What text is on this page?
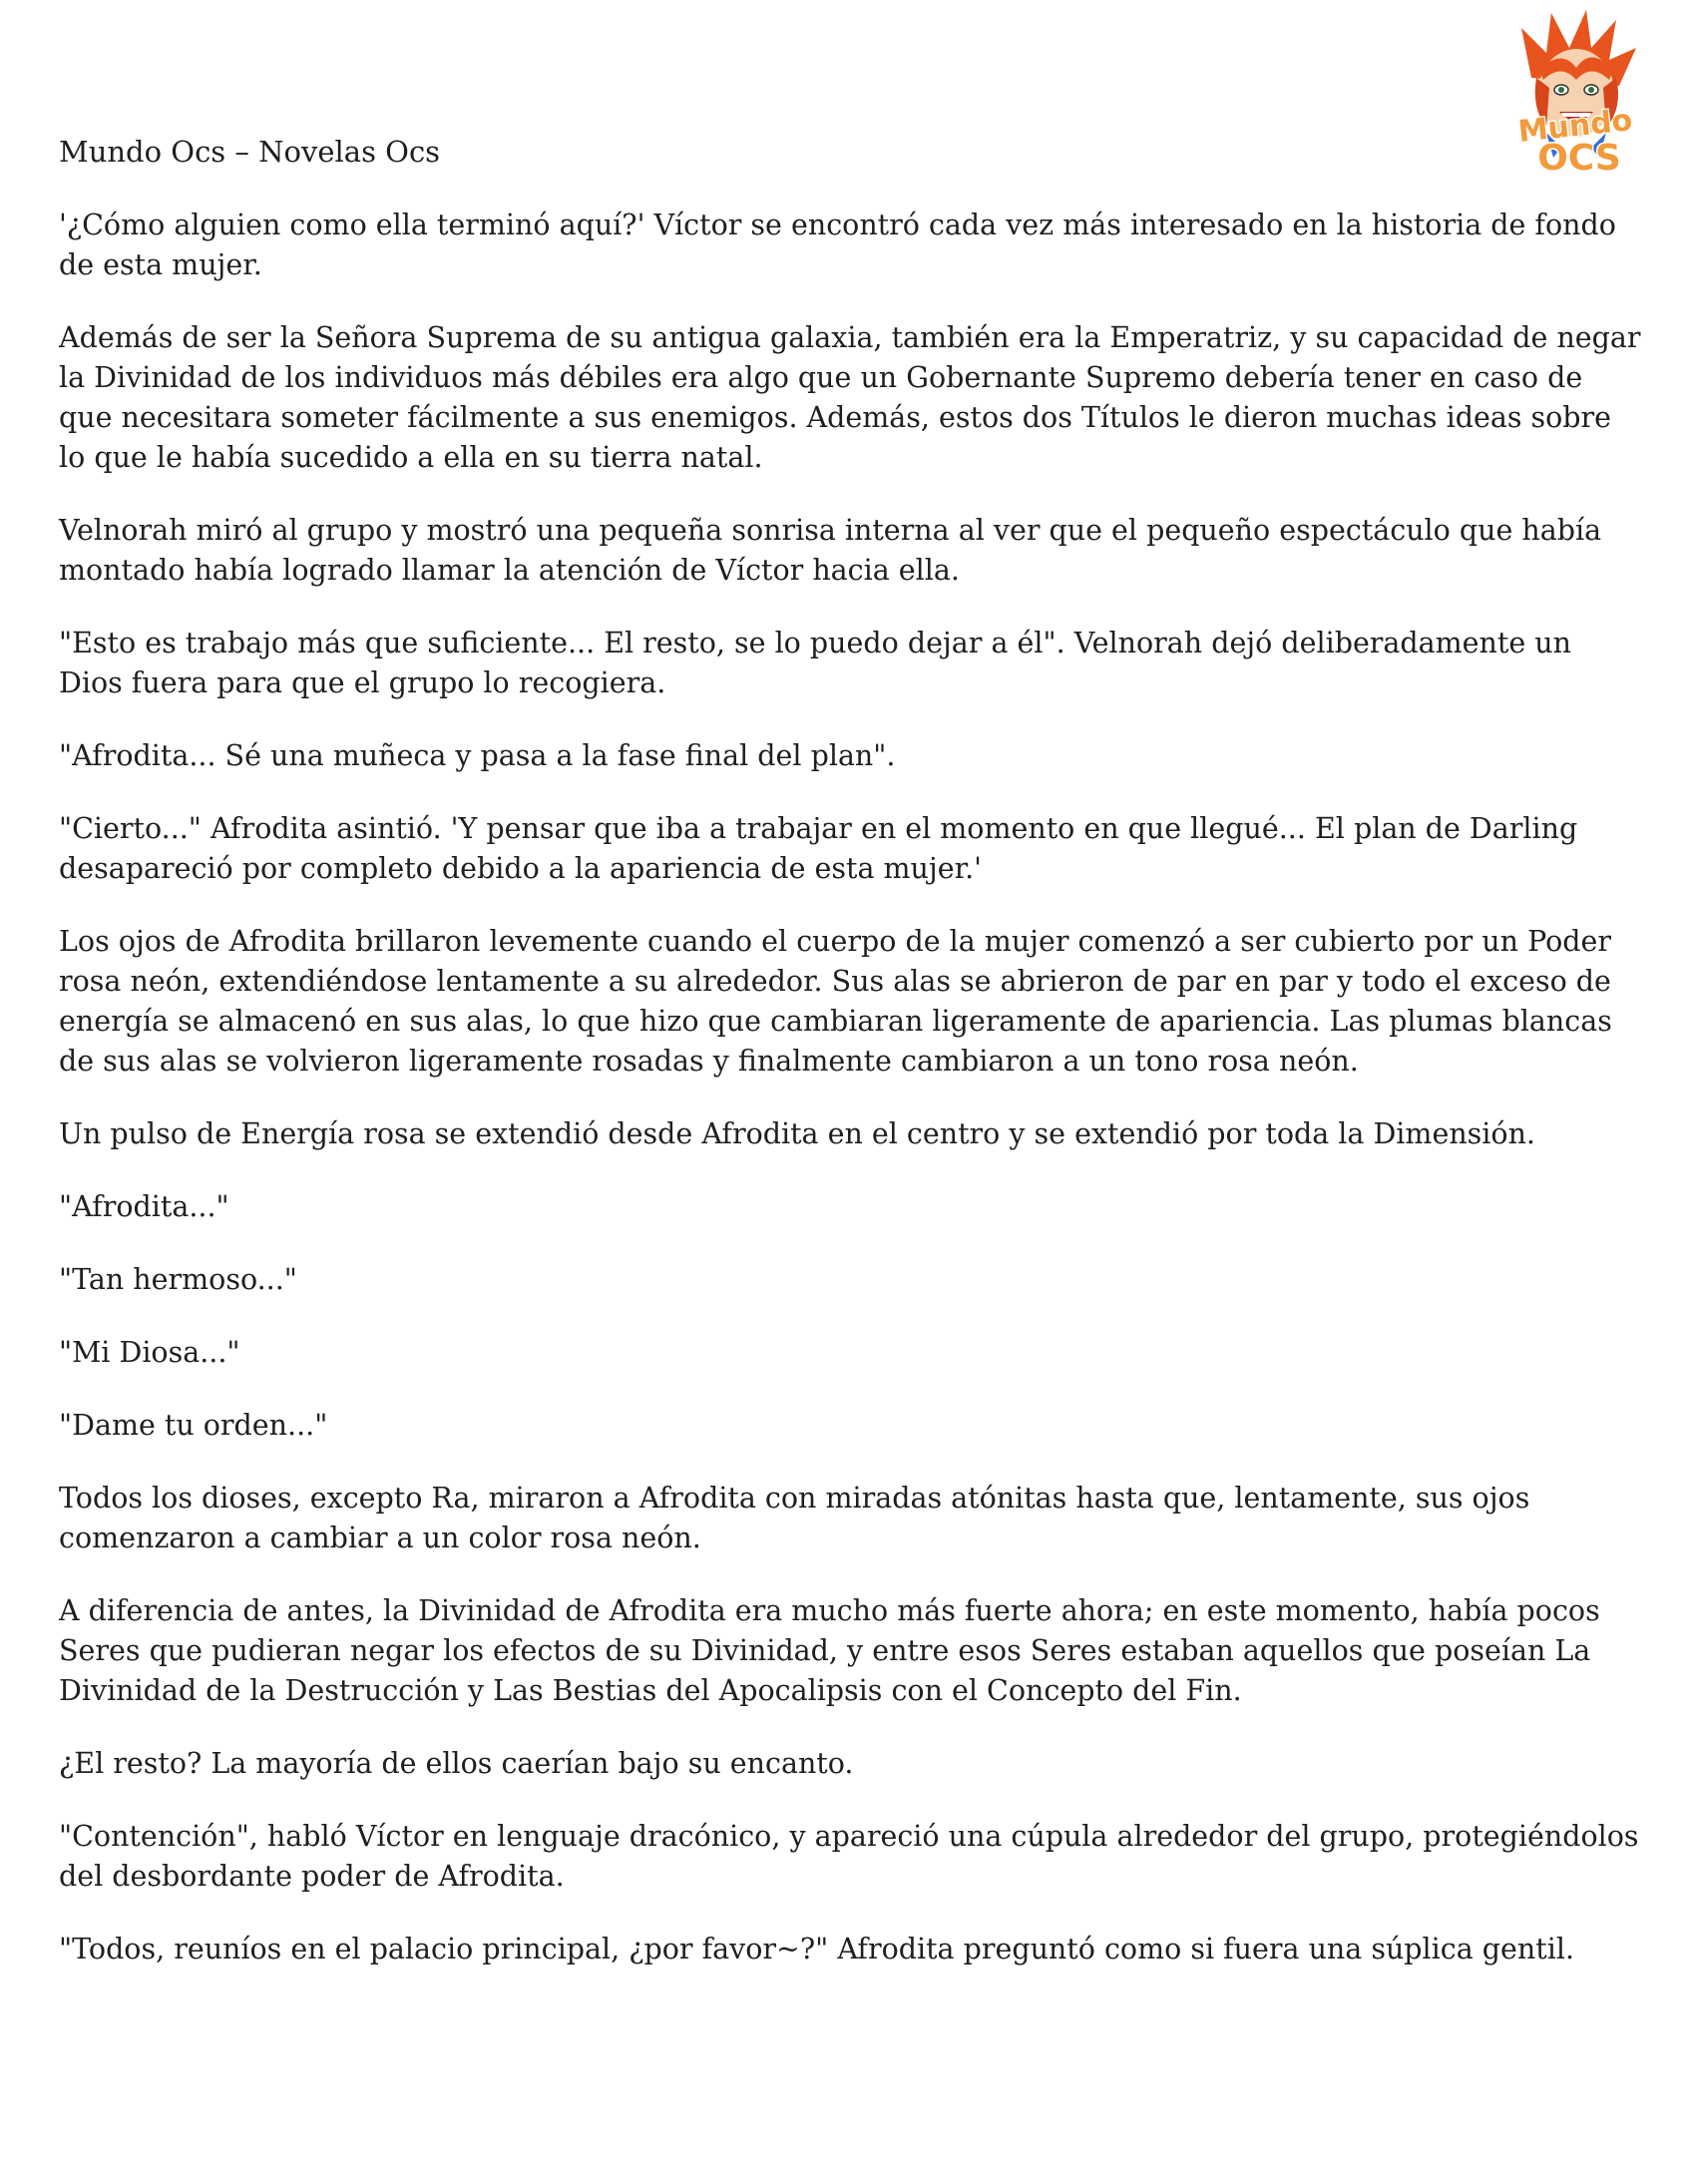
Mundo
OCS
Mundo Ocs – Novelas Ocs

'¿Cómo alguien como ella terminó aquí?' Víctor se encontró cada vez más interesado en la historia de fondo de esta mujer.

Además de ser la Señora Suprema de su antigua galaxia, también era la Emperatriz, y su capacidad de negar la Divinidad de los individuos más débiles era algo que un Gobernante Supremo debería tener en caso de que necesitara someter fácilmente a sus enemigos. Además, estos dos Títulos le dieron muchas ideas sobre lo que le había sucedido a ella en su tierra natal.

Velnorah miró al grupo y mostró una pequeña sonrisa interna al ver que el pequeño espectáculo que había montado había logrado llamar la atención de Víctor hacia ella.

"Esto es trabajo más que suficiente... El resto, se lo puedo dejar a él". Velnorah dejó deliberadamente un Dios fuera para que el grupo lo recogiera.

"Afrodita... Sé una muñeca y pasa a la fase final del plan".

"Cierto..." Afrodita asintió. 'Y pensar que iba a trabajar en el momento en que llegué... El plan de Darling desapareció por completo debido a la apariencia de esta mujer.'

Los ojos de Afrodita brillaron levemente cuando el cuerpo de la mujer comenzó a ser cubierto por un Poder rosa neón, extendiéndose lentamente a su alrededor. Sus alas se abrieron de par en par y todo el exceso de energía se almacenó en sus alas, lo que hizo que cambiaran ligeramente de apariencia. Las plumas blancas de sus alas se volvieron ligeramente rosadas y finalmente cambiaron a un tono rosa neón.

Un pulso de Energía rosa se extendió desde Afrodita en el centro y se extendió por toda la Dimensión.

"Afrodita..."

"Tan hermoso..."

"Mi Diosa..."

"Dame tu orden..."

Todos los dioses, excepto Ra, miraron a Afrodita con miradas atónitas hasta que, lentamente, sus ojos comenzaron a cambiar a un color rosa neón.

A diferencia de antes, la Divinidad de Afrodita era mucho más fuerte ahora; en este momento, había pocos Seres que pudieran negar los efectos de su Divinidad, y entre esos Seres estaban aquellos que poseían La Divinidad de la Destrucción y Las Bestias del Apocalipsis con el Concepto del Fin.

¿El resto? La mayoría de ellos caerían bajo su encanto.

"Contención", habló Víctor en lenguaje dracónico, y apareció una cúpula alrededor del grupo, protegiéndolos del desbordante poder de Afrodita.

"Todos, reuníos en el palacio principal, ¿por favor~?" Afrodita preguntó como si fuera una súplica gentil.
